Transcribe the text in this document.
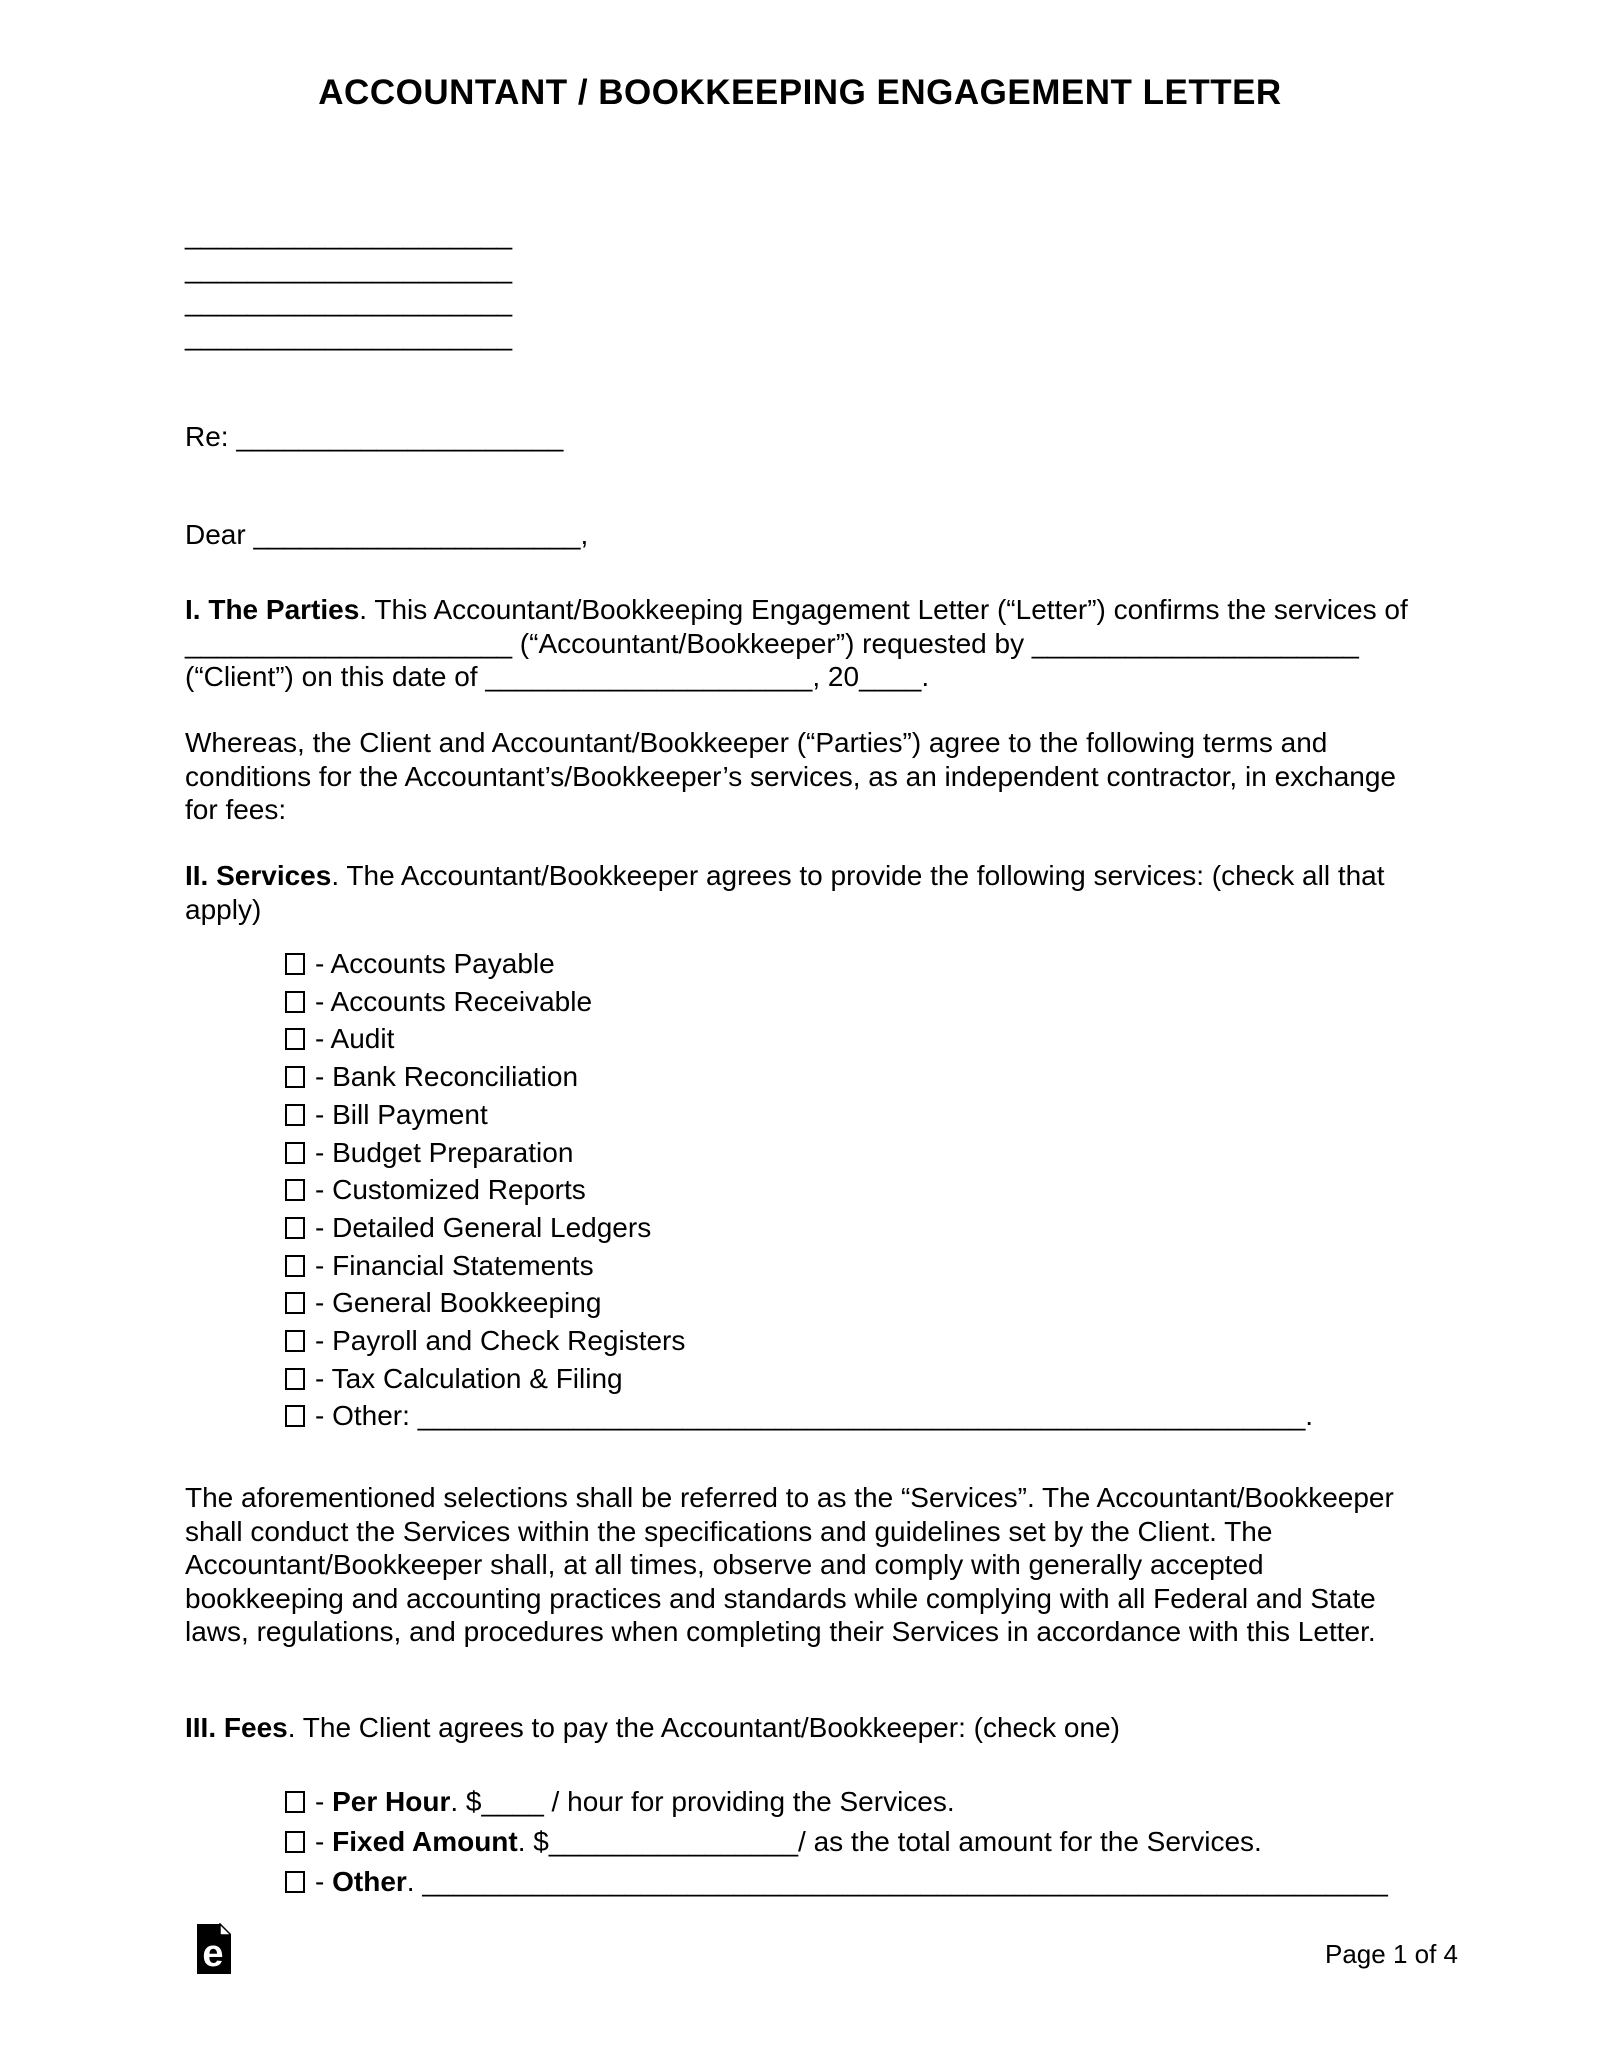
ACCOUNTANT / BOOKKEEPING ENGAGEMENT LETTER
_____________________
_____________________
_____________________
_____________________

Re: _____________________

Dear _____________________,

I. The Parties. This Accountant/Bookkeeping Engagement Letter (“Letter”) confirms the services of _____________________ (“Accountant/Bookkeeper”) requested by _____________________ (“Client”) on this date of _____________________, 20____.

Whereas, the Client and Accountant/Bookkeeper (“Parties”) agree to the following terms and conditions for the Accountant’s/Bookkeeper’s services, as an independent contractor, in exchange for fees:

II. Services. The Accountant/Bookkeeper agrees to provide the following services: (check all that apply)

- Accounts Payable
- Accounts Receivable
- Audit
- Bank Reconciliation
- Bill Payment
- Budget Preparation
- Customized Reports
- Detailed General Ledgers
- Financial Statements
- General Bookkeeping
- Payroll and Check Registers
- Tax Calculation & Filing
- Other: _________________________________________________________.

The aforementioned selections shall be referred to as the “Services”. The Accountant/Bookkeeper shall conduct the Services within the specifications and guidelines set by the Client. The Accountant/Bookkeeper shall, at all times, observe and comply with generally accepted bookkeeping and accounting practices and standards while complying with all Federal and State laws, regulations, and procedures when completing their Services in accordance with this Letter.

III. Fees. The Client agrees to pay the Accountant/Bookkeeper: (check one)

- Per Hour. $____ / hour for providing the Services.
- Fixed Amount. $________________/ as the total amount for the Services.
- Other. ______________________________________________________________
e	Page 1 of 4
